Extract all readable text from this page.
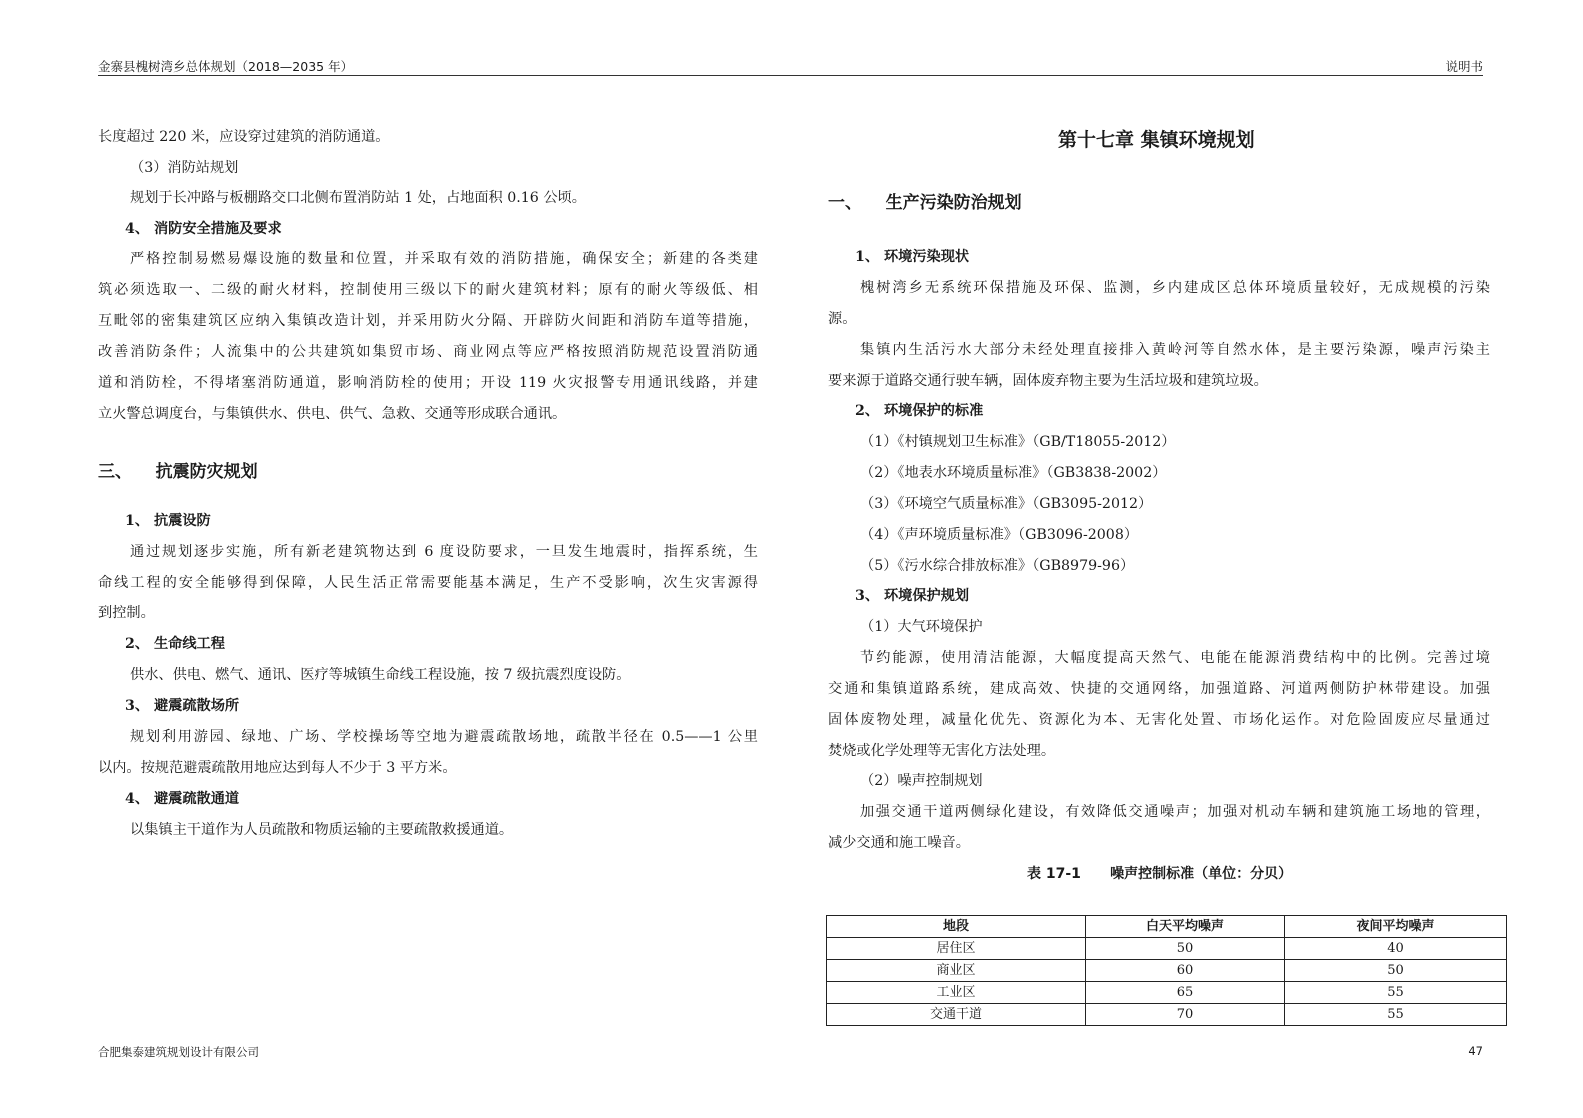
金寨县槐树湾乡总体规划（2018—2035 年）	说明书
长度超过 220 米，应设穿过建筑的消防通道。
（3）消防站规划
规划于长冲路与板棚路交口北侧布置消防站 1 处，占地面积 0.16 公顷。
4、 消防安全措施及要求
严格控制易燃易爆设施的数量和位置，并采取有效的消防措施，确保安全；新建的各类建
筑必须选取一、二级的耐火材料，控制使用三级以下的耐火建筑材料；原有的耐火等级低、相
互毗邻的密集建筑区应纳入集镇改造计划，并采用防火分隔、开辟防火间距和消防车道等措施，
改善消防条件；人流集中的公共建筑如集贸市场、商业网点等应严格按照消防规范设置消防通
道和消防栓，不得堵塞消防通道，影响消防栓的使用；开设 119 火灾报警专用通讯线路，并建
立火警总调度台，与集镇供水、供电、供气、急救、交通等形成联合通讯。
三、    抗震防灾规划
1、 抗震设防
通过规划逐步实施，所有新老建筑物达到 6 度设防要求，一旦发生地震时，指挥系统，生
命线工程的安全能够得到保障，人民生活正常需要能基本满足，生产不受影响，次生灾害源得
到控制。
2、 生命线工程
供水、供电、燃气、通讯、医疗等城镇生命线工程设施，按 7 级抗震烈度设防。
3、 避震疏散场所
规划利用游园、绿地、广场、学校操场等空地为避震疏散场地，疏散半径在 0.5——1 公里
以内。按规范避震疏散用地应达到每人不少于 3 平方米。
4、 避震疏散通道
以集镇主干道作为人员疏散和物质运输的主要疏散救援通道。
第十七章 集镇环境规划
一、    生产污染防治规划
1、 环境污染现状
槐树湾乡无系统环保措施及环保、监测，乡内建成区总体环境质量较好，无成规模的污染
源。
集镇内生活污水大部分未经处理直接排入黄岭河等自然水体，是主要污染源，噪声污染主
要来源于道路交通行驶车辆，固体废弃物主要为生活垃圾和建筑垃圾。
2、 环境保护的标准
（1）《村镇规划卫生标准》（GB/T18055-2012）
（2）《地表水环境质量标准》（GB3838-2002）
（3）《环境空气质量标准》（GB3095-2012）
（4）《声环境质量标准》（GB3096-2008）
（5）《污水综合排放标准》（GB8979-96）
3、 环境保护规划
（1）大气环境保护
节约能源，使用清洁能源，大幅度提高天然气、电能在能源消费结构中的比例。完善过境
交通和集镇道路系统，建成高效、快捷的交通网络，加强道路、河道两侧防护林带建设。加强
固体废物处理，减量化优先、资源化为本、无害化处置、市场化运作。对危险固废应尽量通过
焚烧或化学处理等无害化方法处理。
（2）噪声控制规划
加强交通干道两侧绿化建设，有效降低交通噪声；加强对机动车辆和建筑施工场地的管理，
减少交通和施工噪音。
表 17-1      噪声控制标准（单位：分贝）
地段	白天平均噪声	夜间平均噪声
居住区	50	40
商业区	60	50
工业区	65	55
交通干道	70	55
合肥集泰建筑规划设计有限公司	47
